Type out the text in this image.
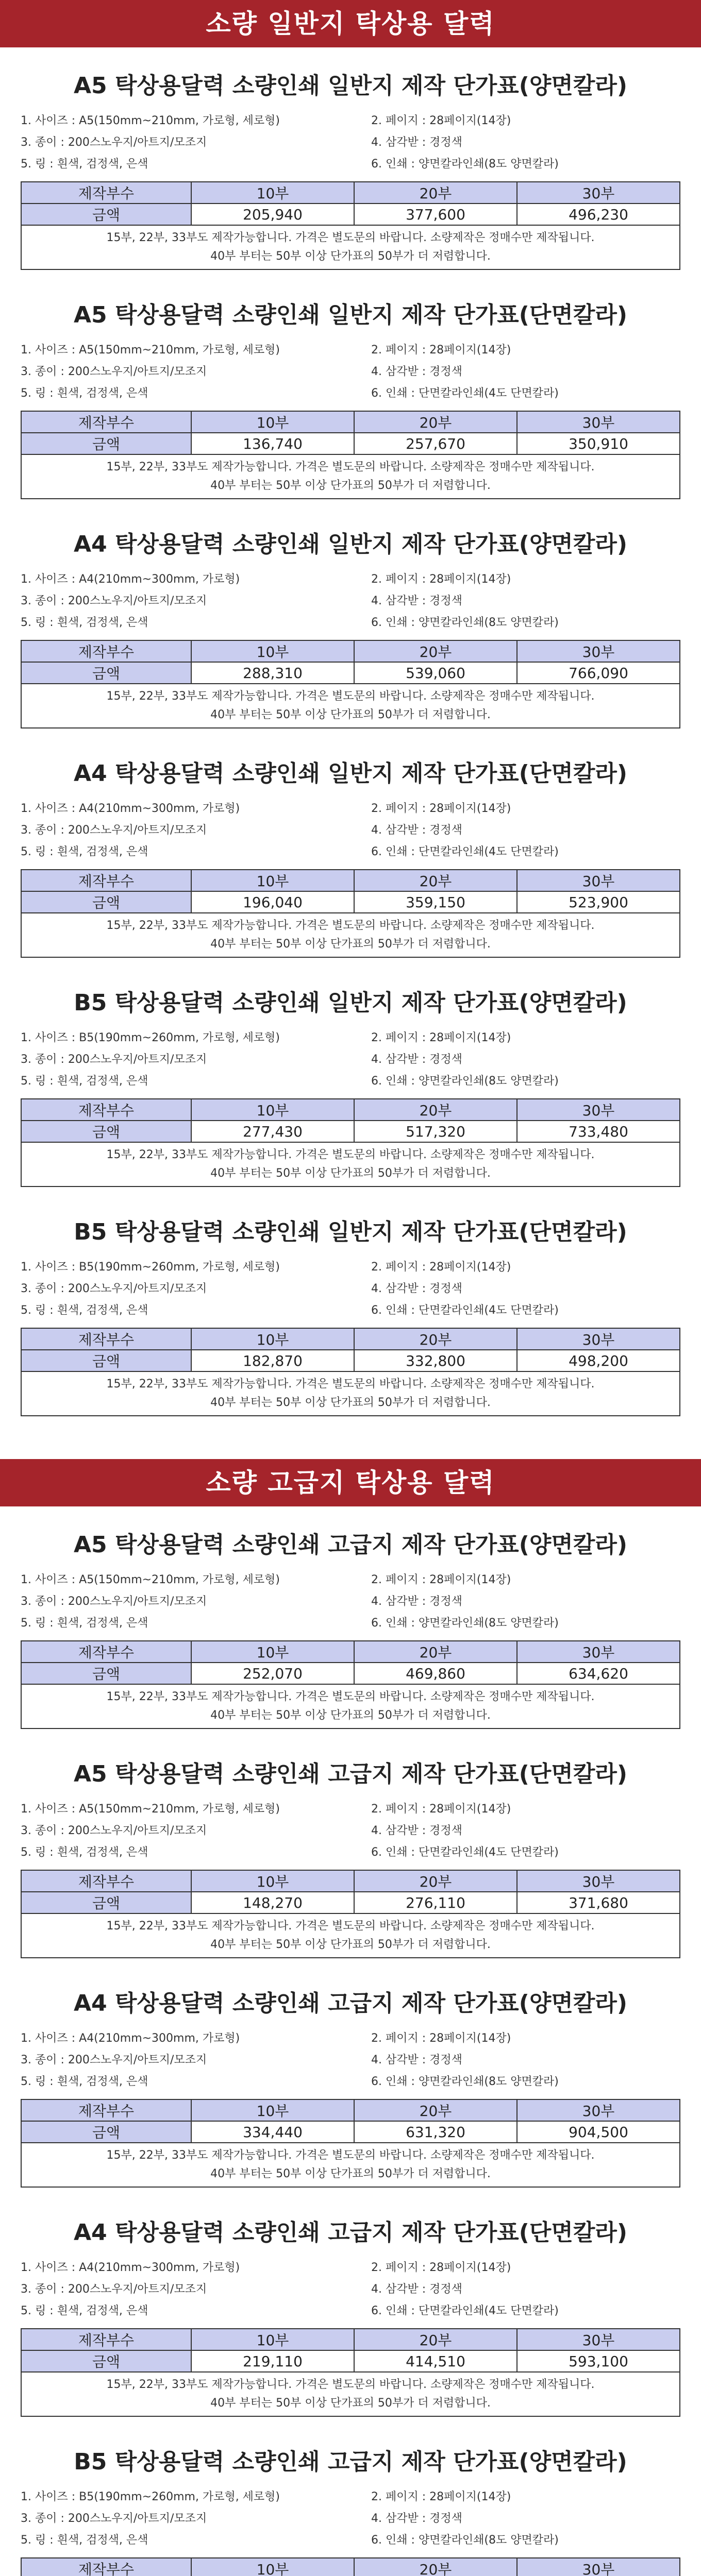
소량 일반지 탁상용 달력
A5 탁상용달력 소량인쇄 일반지 제작 단가표(양면칼라)
1. 사이즈 : A5(150mm~210mm, 가로형, 세로형)	2. 페이지 : 28페이지(14장)
3. 종이 : 200스노우지/아트지/모조지	4. 삼각받 : 경정색
5. 링 : 흰색, 검정색, 은색	6. 인쇄 : 양면칼라인쇄(8도 양면칼라)
제작부수	10부	20부	30부
금액	205,940	377,600	496,230

15부, 22부, 33부도 제작가능합니다. 가격은 별도문의 바랍니다. 소량제작은 정매수만 제작됩니다.
40부 부터는 50부 이상 단가표의 50부가 더 저렴합니다.			
A5 탁상용달력 소량인쇄 일반지 제작 단가표(단면칼라)
1. 사이즈 : A5(150mm~210mm, 가로형, 세로형)	2. 페이지 : 28페이지(14장)
3. 종이 : 200스노우지/아트지/모조지	4. 삼각받 : 경정색
5. 링 : 흰색, 검정색, 은색	6. 인쇄 : 단면칼라인쇄(4도 단면칼라)
제작부수	10부	20부	30부
금액	136,740	257,670	350,910

15부, 22부, 33부도 제작가능합니다. 가격은 별도문의 바랍니다. 소량제작은 정매수만 제작됩니다.
40부 부터는 50부 이상 단가표의 50부가 더 저렴합니다.			
A4 탁상용달력 소량인쇄 일반지 제작 단가표(양면칼라)
1. 사이즈 : A4(210mm~300mm, 가로형)	2. 페이지 : 28페이지(14장)
3. 종이 : 200스노우지/아트지/모조지	4. 삼각받 : 경정색
5. 링 : 흰색, 검정색, 은색	6. 인쇄 : 양면칼라인쇄(8도 양면칼라)
제작부수	10부	20부	30부
금액	288,310	539,060	766,090

15부, 22부, 33부도 제작가능합니다. 가격은 별도문의 바랍니다. 소량제작은 정매수만 제작됩니다.
40부 부터는 50부 이상 단가표의 50부가 더 저렴합니다.			
A4 탁상용달력 소량인쇄 일반지 제작 단가표(단면칼라)
1. 사이즈 : A4(210mm~300mm, 가로형)	2. 페이지 : 28페이지(14장)
3. 종이 : 200스노우지/아트지/모조지	4. 삼각받 : 경정색
5. 링 : 흰색, 검정색, 은색	6. 인쇄 : 단면칼라인쇄(4도 단면칼라)
제작부수	10부	20부	30부
금액	196,040	359,150	523,900

15부, 22부, 33부도 제작가능합니다. 가격은 별도문의 바랍니다. 소량제작은 정매수만 제작됩니다.
40부 부터는 50부 이상 단가표의 50부가 더 저렴합니다.			
B5 탁상용달력 소량인쇄 일반지 제작 단가표(양면칼라)
1. 사이즈 : B5(190mm~260mm, 가로형, 세로형)	2. 페이지 : 28페이지(14장)
3. 종이 : 200스노우지/아트지/모조지	4. 삼각받 : 경정색
5. 링 : 흰색, 검정색, 은색	6. 인쇄 : 양면칼라인쇄(8도 양면칼라)
제작부수	10부	20부	30부
금액	277,430	517,320	733,480

15부, 22부, 33부도 제작가능합니다. 가격은 별도문의 바랍니다. 소량제작은 정매수만 제작됩니다.
40부 부터는 50부 이상 단가표의 50부가 더 저렴합니다.			
B5 탁상용달력 소량인쇄 일반지 제작 단가표(단면칼라)
1. 사이즈 : B5(190mm~260mm, 가로형, 세로형)	2. 페이지 : 28페이지(14장)
3. 종이 : 200스노우지/아트지/모조지	4. 삼각받 : 경정색
5. 링 : 흰색, 검정색, 은색	6. 인쇄 : 단면칼라인쇄(4도 단면칼라)
제작부수	10부	20부	30부
금액	182,870	332,800	498,200

15부, 22부, 33부도 제작가능합니다. 가격은 별도문의 바랍니다. 소량제작은 정매수만 제작됩니다.
40부 부터는 50부 이상 단가표의 50부가 더 저렴합니다.			
소량 고급지 탁상용 달력
A5 탁상용달력 소량인쇄 고급지 제작 단가표(양면칼라)
1. 사이즈 : A5(150mm~210mm, 가로형, 세로형)	2. 페이지 : 28페이지(14장)
3. 종이 : 200스노우지/아트지/모조지	4. 삼각받 : 경정색
5. 링 : 흰색, 검정색, 은색	6. 인쇄 : 양면칼라인쇄(8도 양면칼라)
제작부수	10부	20부	30부
금액	252,070	469,860	634,620

15부, 22부, 33부도 제작가능합니다. 가격은 별도문의 바랍니다. 소량제작은 정매수만 제작됩니다.
40부 부터는 50부 이상 단가표의 50부가 더 저렴합니다.			
A5 탁상용달력 소량인쇄 고급지 제작 단가표(단면칼라)
1. 사이즈 : A5(150mm~210mm, 가로형, 세로형)	2. 페이지 : 28페이지(14장)
3. 종이 : 200스노우지/아트지/모조지	4. 삼각받 : 경정색
5. 링 : 흰색, 검정색, 은색	6. 인쇄 : 단면칼라인쇄(4도 단면칼라)
제작부수	10부	20부	30부
금액	148,270	276,110	371,680

15부, 22부, 33부도 제작가능합니다. 가격은 별도문의 바랍니다. 소량제작은 정매수만 제작됩니다.
40부 부터는 50부 이상 단가표의 50부가 더 저렴합니다.			
A4 탁상용달력 소량인쇄 고급지 제작 단가표(양면칼라)
1. 사이즈 : A4(210mm~300mm, 가로형)	2. 페이지 : 28페이지(14장)
3. 종이 : 200스노우지/아트지/모조지	4. 삼각받 : 경정색
5. 링 : 흰색, 검정색, 은색	6. 인쇄 : 양면칼라인쇄(8도 양면칼라)
제작부수	10부	20부	30부
금액	334,440	631,320	904,500

15부, 22부, 33부도 제작가능합니다. 가격은 별도문의 바랍니다. 소량제작은 정매수만 제작됩니다.
40부 부터는 50부 이상 단가표의 50부가 더 저렴합니다.			
A4 탁상용달력 소량인쇄 고급지 제작 단가표(단면칼라)
1. 사이즈 : A4(210mm~300mm, 가로형)	2. 페이지 : 28페이지(14장)
3. 종이 : 200스노우지/아트지/모조지	4. 삼각받 : 경정색
5. 링 : 흰색, 검정색, 은색	6. 인쇄 : 단면칼라인쇄(4도 단면칼라)
제작부수	10부	20부	30부
금액	219,110	414,510	593,100

15부, 22부, 33부도 제작가능합니다. 가격은 별도문의 바랍니다. 소량제작은 정매수만 제작됩니다.
40부 부터는 50부 이상 단가표의 50부가 더 저렴합니다.			
B5 탁상용달력 소량인쇄 고급지 제작 단가표(양면칼라)
1. 사이즈 : B5(190mm~260mm, 가로형, 세로형)	2. 페이지 : 28페이지(14장)
3. 종이 : 200스노우지/아트지/모조지	4. 삼각받 : 경정색
5. 링 : 흰색, 검정색, 은색	6. 인쇄 : 양면칼라인쇄(8도 양면칼라)
제작부수	10부	20부	30부
